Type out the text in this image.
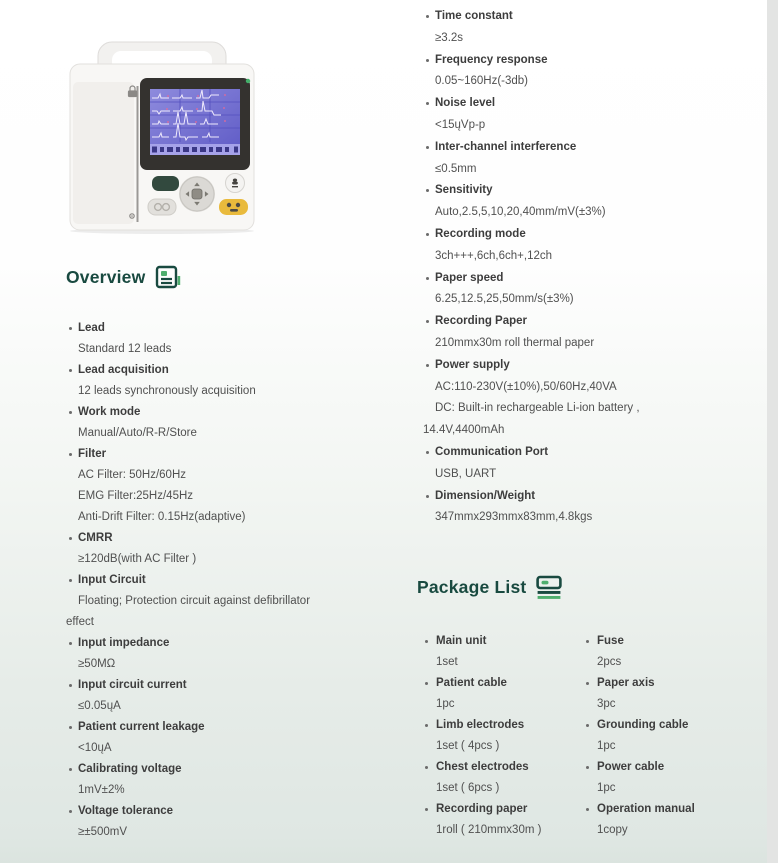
Overview
Lead
Standard 12 leads
Lead acquisition
12 leads synchronously acquisition
Work mode
Manual/Auto/R-R/Store
Filter
AC Filter: 50Hz/60Hz
EMG Filter:25Hz/45Hz
Anti-Drift Filter: 0.15Hz(adaptive)
CMRR
≥120dB(with AC Filter )
Input Circuit
Floating; Protection circuit against defibrillator
effect
Input impedance
≥50MΩ
Input circuit current
≤0.05ųA
Patient current leakage
<10ųA
Calibrating voltage
1mV±2%
Voltage tolerance
≥±500mV
Time constant
≥3.2s
Frequency response
0.05~160Hz(-3db)
Noise level
<15ųVp-p
Inter-channel interference
≤0.5mm
Sensitivity
Auto,2.5,5,10,20,40mm/mV(±3%)
Recording mode
3ch+++,6ch,6ch+,12ch
Paper speed
6.25,12.5,25,50mm/s(±3%)
Recording Paper
210mmx30m roll thermal paper
Power supply
AC:110-230V(±10%),50/60Hz,40VA
DC: Built-in rechargeable Li-ion battery ,
14.4V,4400mAh
Communication Port
USB, UART
Dimension/Weight
347mmx293mmx83mm,4.8kgs
Package List
Main unit
1set
Patient cable
1pc
Limb electrodes
1set ( 4pcs )
Chest electrodes
1set ( 6pcs )
Recording paper
1roll ( 210mmx30m )
Fuse
2pcs
Paper axis
3pc
Grounding cable
1pc
Power cable
1pc
Operation manual
1copy
